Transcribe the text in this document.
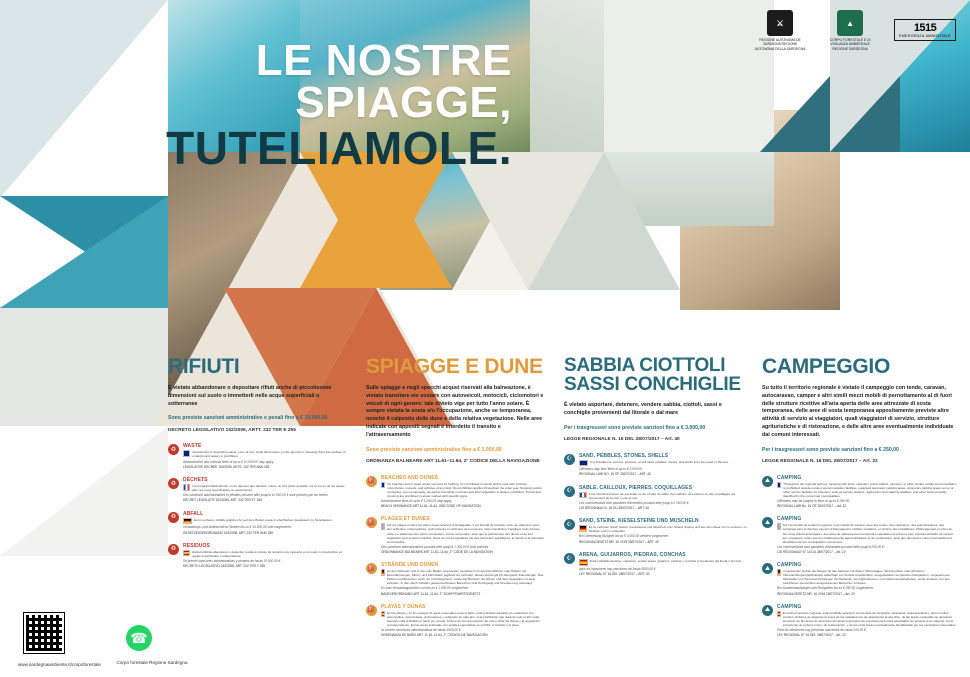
⚔
REGIONE AUTONOMA DE SARDIGNA REGIONE AUTONOMA DELLA SARDEGNA
▲
CORPO FORESTALE E DI VIGILANZA AMBIENTALE REGIONE SARDEGNA
1515
EMERGENZA AMBIENTALE
LE NOSTRE
SPIAGGE,
TUTELIAMOLE.
RIFIUTI
È vietato abbandonare o depositare rifiuti anche di piccolissime dimensioni sul suolo o immetterli nelle acque superficiali o sotterranee
Sono previste sanzioni amministrative e penali fino a € 10.000,00
DECRETO LEGISLATIVO 152/2006, ARTT. 232 TER E 255
♻
WASTE
Abandoning or depositing waste, even of very small dimensions, on the ground or releasing them into surface or underground waters is prohibited.
Administrative and criminal fines of up to € 10,000.00 may apply
LEGISLATIVE DECREE 152/2006, ARTS. 232 TER AND 255
♻
DÉCHETS
Il est interdit d'abandonner ou de déposer des déchets, même un très petite quantité, sur le sol ou de les rejeter dans les eaux superficielles ou souterraines.
Des sanctions administratives et pénales peuvent aller jusqu'à 10 000,00 € sont prévues par les textes.
DÉCRET LÉGISLATIF 152/2006, ART. 232 TER ET 255
♻
ABFALL
Es ist verboten, Abfälle jeglicher Art auf dem Boden sowie in oberflächen Gewässern zu hinterlassen.
Verwaltungs- und strafrechtliche Strafen bis zu € 10.000,00 sind vorgesehen.
GESETZESVERORDNUNG 152/2006, ART. 232 TER UND 255
♻
RESIDUOS
Está prohibido abandonar o depositar residuos incluso de tamaño muy pequeño en el suelo o introducirlos en aguas superficiales o subterráneas.
Se prevén sanciones administrativas y penales de hasta 10.000,00 €.
DECRETO LEGISLATIVO 152/2006, ART. 232 TER Y 255
SPIAGGE E DUNE
Sulle spiagge e negli specchi acquei riservati alla balneazione, è vietato transitare e/o sostare con autoveicoli, motocicli, ciclomotori e veicoli di ogni genere; tale divieto vige per tutto l'anno solare. È sempre vietata la sosta o/o l'occupazione, anche se temporanea, nonché il calpestio delle dune e della relativa vegetazione. Nelle aree indicate con appositi segnali è interdetto il transito e l'attraversamento
Sono previste sanzioni amministrative fino a € 1.000,00
ORDINANZA BALNEARE ART 11.61–11.64, 2° CODICE DELLA NAVIGAZIONE
⛽
BEACHES AND DUNES
On beaches and in water areas reserved for bathing, it is prohibited to transit and/or park with vehicles, motorcycles, mopeds, and vehicles of any kind; this prohibition applies throughout the solar year. Stopping and/or occupying, even temporarily, as well as trampling on dunes and their vegetation is always prohibited. Transit and crossing are prohibited in areas marked with specific signs.
Administrative fines of up to € 1,000.00 may apply
BEACH ORDINANCE ART 11.61–11.64, 2ND CODE OF NAVIGATION
⛽
PLAGES ET DUNES
Sur les plages et dans les plans d'eau réservés à la baignade, il est interdit de transiter et/ou de stationner avec des véhicules, motocyclettes, cyclomoteurs et véhicules de tout genre; cette interdiction s'applique toute l'année civile. Le stationnement et/ou l'occupation, même temporaire, ainsi que le piétinement des dunes et de leur végétation sont toujours interdits. Dans les zones signalées par des panneaux spécifiques, le transit et la traversée sont interdits.
Des sanctions administratives pouvant aller jusqu'à 1 000,00 € sont prévues
ORDONNANCE BALNÉAIRE ART 11.61–11.64, 2° CODE DE LA NAVIGATION
⛽
STRÄNDE UND DÜNEN
An den Stränden und in den zum Baden reservierten Gewässern ist das Durchfahren oder Parken mit Motorfahrzeugen, Motor- und Fahrrädern jeglicher Art verboten; dieses Verbot gilt für das ganze Kalenderjahr. Das Parken und Besetzen, auch nur vorübergehend, sowie das Betreten der Dünen und ihrer Vegetation ist stets verboten. In den durch Schilder gekennzeichneten Bereichen sind Durchgang und Überquerung untersagt.
Es sind Verwaltungsstrafen von bis zu € 1.000,00 vorgesehen
BADEVERORDNUNG ART 11.61–11.64, 2° SCHIFFFAHRTSGESETZ
⛽
PLAYAS Y DUNAS
En las playas y en los espejos de agua reservados para el baño, está prohibido transitar y/o estacionar con automóviles, motocicletas, ciclomotores y vehículos de todo tipo; esta prohibición rige durante todo el año solar. Siempre está prohibido el parar y/u ocupar, incluso de forma temporal, así como pisar las dunas y la vegetación correspondiente. En las áreas indicadas con señales específicas se prohíbe el tránsito y el paso.
se prevén sanciones administrativas de hasta 1000,00 €
ORDENANZA DE BAÑO ART. 11.61–11.64, 2° CÓDIGO DE NAVEGACIÓN
SABBIA CIOTTOLI SASSI CONCHIGLIE
È vietato asportare, detenere, vendere sabbia, ciottoli, sassi e conchiglie provenienti dal litorale o dal mare
Per i trasgressori sono previste sanzioni fino a € 3.000,00
LEGGE REGIONALE N. 16 DEL 28/07/2017 – Art. 40
☪
SAND, PEBBLES, STONES, SHELLS
It is forbidden to remove, possess, or sell sand, pebbles, stones, and shells from the coast or the sea.
Offenders may face fines of up to € 3,000.00.
REGIONAL LAW NO. 16 OF 28/07/2017 – ART. 40
☪
SABLE, CAILLOUX, PIERRES, COQUILLAGES
Il est interdit d'enlever, de posséder ou de vendre du sable, des cailloux, des pierres ou des coquillages qui proviennent de la côte ou de la mer.
Les contrevenants sont passibles d'amendes pouvant aller jusqu'à 3 000,00 €.
LOI RÉGIONALE N. 16 DU 28/07/2017 – ART. 40
☪
SAND, STEINE, KIESELSTEINE UND MUSCHELN
Es ist verboten Sand, Steine, Kieselsteine und Muscheln vom Strand (Küste) und aus dem Meer mit zu nehmen, zu besitzen und zu verkaufen.
Bei Übertretung Bußgeld bis zu € 3.000,00 werden vorgesehen
REGIONALGESETZ NR. 16 VOM 28/07/2017 – ART. 40
☪
ARENA, GUIJARROS, PIEDRAS, CONCHAS
Está prohibido llevarse, mantener, vender arena, guijarros, piedras y conchas procedentes del litoral o del mar.
para los infractores hay sanciones de hasta 3000,00 €
LEY REGIONAL N° 16 DEL 28/07/2017 – ART. 40
CAMPEGGIO
Su tutto il territorio regionale è vietato il campeggio con tende, caravan, autocaravan, camper e altri simili mezzi mobili di pernottamento al di fuori delle strutture ricettive all'aria aperta delle aree attrezzate di sosta temporanea, delle aree di sosta temporanea appositamente previste altre attività di servizio ai viaggiatori, quali viaggiatori di servizio, strutture agrituristiche e di ristorazione, e delle altre aree eventualmente individuate dai comuni interessati.
Per i trasgressori sono previste sanzioni fino a € 250,00
LEGGE REGIONALE N. 16 DEL 28/07/2017 – Art. 22
⛰
CAMPING
Throughout the regional territory, camping with tents, caravans, travel trailers, campers, or other similar mobile accommodation is prohibited outside outdoor accommodation facilities, equipped temporary parking areas, temporary parking areas set up or other service facilities for travelers, such as service stations, agritourism and catering facilities, and other areas possibly identified by the concerned municipalities.
Offenders may be subject to fines of up to € 250.00.
REGIONAL LAW No. 16 OF 28/07/2017 – Art. 22
⛰
CAMPING
Sur l'ensemble du territoire régional, il est interdit de camper avec des tentes, des caravanes, des autocaravanes, des campings-cars et d'autres moyens d'hébergement mobiles similaires, en dehors des installations d'hébergement en plein air, des aires d'arrêt aménagées, des aires de stationnement temporaire spécialement prévues pour d'autres activités de service aux voyageurs, telles que les établissements agrotouristiques et de restauration, ainsi que des autres zones éventuellement identifiées par les municipalités concernées.
Les contrevenants sont passibles d'amendes pouvant aller jusqu'à 250,00 €.
LOI RÉGIONALE N° 16 DU 28/07/2017 – Art. 22
⛰
CAMPING
Im gesamten Gebiet der Region ist das Campen mit Zelten, Wohnwagen, Wohnmobilen oder ähnlichen Übernachtungsmöglichkeiten außerhalb von Freiluft-Unterkünften, ausgestatteten temporären Rastplätzen, vorgesehenen Raststellen mit Serviceeinrichtungen für Reisende, wie Agritourismus- und Gastronomiebetrieben, sowie anderen von den betroffenen Gemeinden ausgewiesenen Bereichen verboten.
Bei Zuwiderhandlungen sind Bußgelder bis zu € 250,00 vorgesehen.
REGIONALGESETZ NR. 16 VOM 28/07/2017 – Art. 22
⛰
CAMPING
En todo el territorio regional, está prohibido acampar con tiendas de campaña, caravanas, autocaravanas y otros medios móviles similares de alojamiento fuera de las instalaciones de alojamiento al aire libre, de las áreas equipadas de descanso temporal, de las áreas de descanso temporal expresamente previstas para otras actividades de servicio a los viajeros, como estructuras de turismo rural y de restauración, y de las otras áreas eventualmente identificadas por los municipios interesados.
Para los infractores hay previstas sanciones de hasta 250,00 €.
LEY REGIONAL N° 16 DEL 28/07/2017 – Art. 22
www.sardegnaambiente.it/corpoforestale
☎
Corpo forestale Regione Sardegna
